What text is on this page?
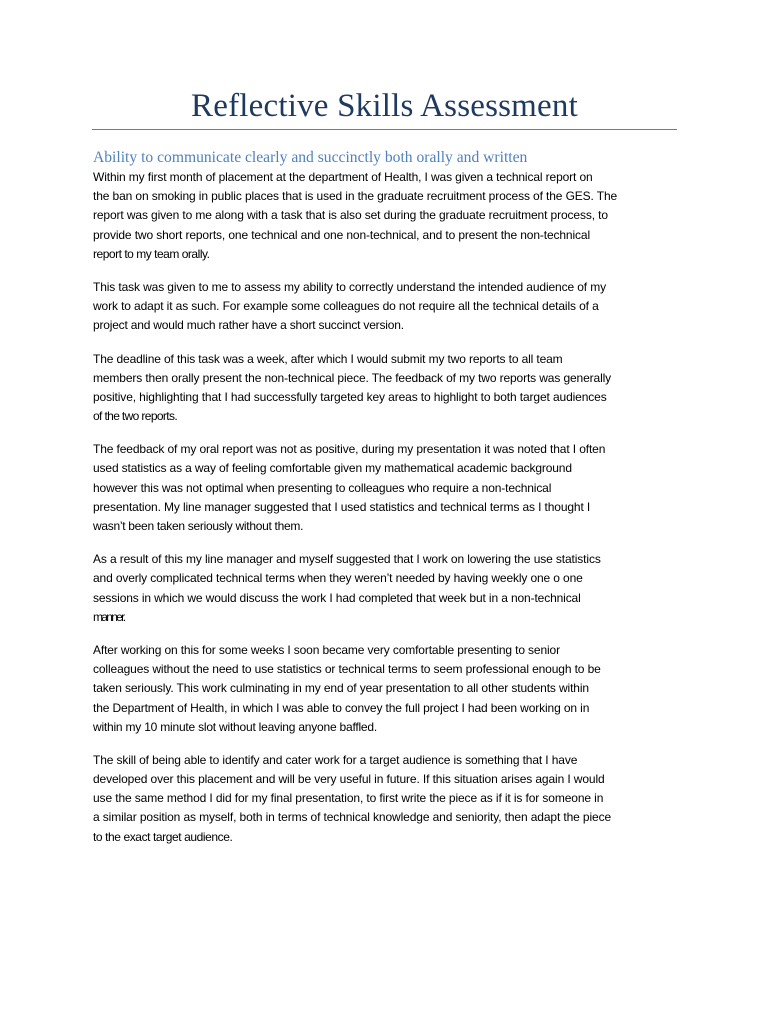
Reflective Skills Assessment
Ability to communicate clearly and succinctly both orally and written

Within my first month of placement at the department of Health, I was given a technical report on
the ban on smoking in public places that is used in the graduate recruitment process of the GES. The
report was given to me along with a task that is also set during the graduate recruitment process, to
provide two short reports, one technical and one non-technical, and to present the non-technical
report to my team orally.

This task was given to me to assess my ability to correctly understand the intended audience of my
work to adapt it as such. For example some colleagues do not require all the technical details of a
project and would much rather have a short succinct version.

The deadline of this task was a week, after which I would submit my two reports to all team
members then orally present the non-technical piece. The feedback of my two reports was generally
positive, highlighting that I had successfully targeted key areas to highlight to both target audiences
of the two reports.

The feedback of my oral report was not as positive, during my presentation it was noted that I often
used statistics as a way of feeling comfortable given my mathematical academic background
however this was not optimal when presenting to colleagues who require a non-technical
presentation. My line manager suggested that I used statistics and technical terms as I thought I
wasn’t been taken seriously without them.

As a result of this my line manager and myself suggested that I work on lowering the use statistics
and overly complicated technical terms when they weren’t needed by having weekly one o one
sessions in which we would discuss the work I had completed that week but in a non-technical
manner.

After working on this for some weeks I soon became very comfortable presenting to senior
colleagues without the need to use statistics or technical terms to seem professional enough to be
taken seriously. This work culminating in my end of year presentation to all other students within
the Department of Health, in which I was able to convey the full project I had been working on in
within my 10 minute slot without leaving anyone baffled.

The skill of being able to identify and cater work for a target audience is something that I have
developed over this placement and will be very useful in future. If this situation arises again I would
use the same method I did for my final presentation, to first write the piece as if it is for someone in
a similar position as myself, both in terms of technical knowledge and seniority, then adapt the piece
to the exact target audience.
